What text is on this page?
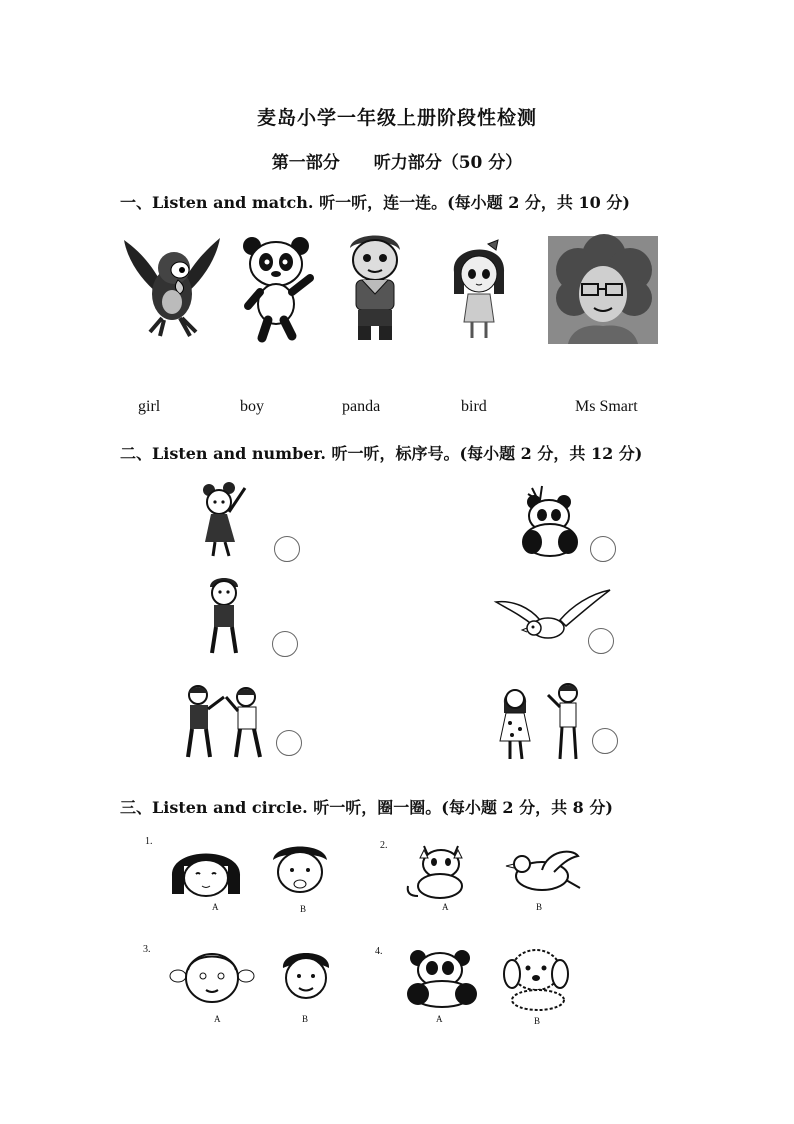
麦岛小学一年级上册阶段性检测
第一部分 听力部分（50 分）
一、Listen and match. 听一听，连一连。(每小题 2 分，共 10 分)
girl	boy	panda	bird	Ms Smart
二、Listen and number. 听一听，标序号。(每小题 2 分，共 12 分)
三、Listen and circle. 听一听，圈一圈。(每小题 2 分，共 8 分)
1.
A	B
2.
A	B
3.
A	B
4.
A	B
